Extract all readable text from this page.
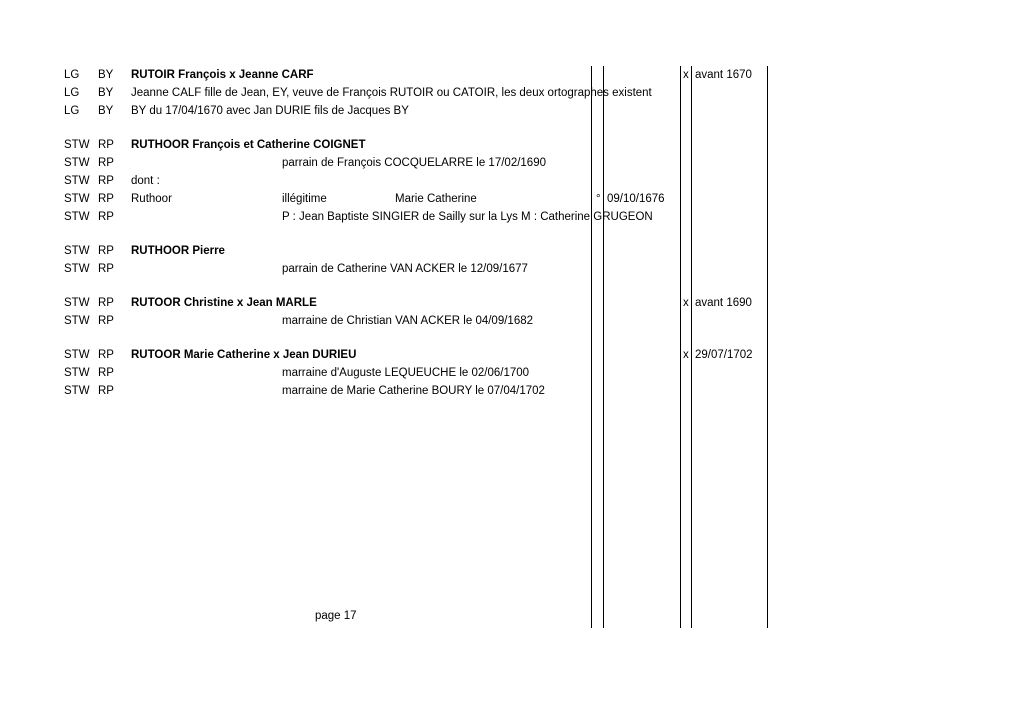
LG BY RUTOIR François x Jeanne CARF	x avant 1670
LG BY Jeanne CALF fille de Jean, EY, veuve de François RUTOIR ou CATOIR, les deux ortographes existent
LG BY BY du 17/04/1670 avec Jan DURIE fils de Jacques BY
STW RP RUTHOOR François et Catherine COIGNET
STW RP	parrain de François COCQUELARRE le 17/02/1690
STW RP dont :
STW RP Ruthoor	illégitime	Marie Catherine	° 09/10/1676
STW RP	P : Jean Baptiste SINGIER de Sailly sur la Lys M : Catherine GRUGEON
STW RP RUTHOOR Pierre
STW RP	parrain de Catherine VAN ACKER le 12/09/1677
STW RP RUTOOR Christine x Jean MARLE	x avant 1690
STW RP	marraine de Christian VAN ACKER le 04/09/1682
STW RP RUTOOR Marie Catherine x Jean DURIEU	x 29/07/1702
STW RP	marraine d'Auguste LEQUEUCHE le 02/06/1700
STW RP	marraine de Marie Catherine BOURY le 07/04/1702
page 17
